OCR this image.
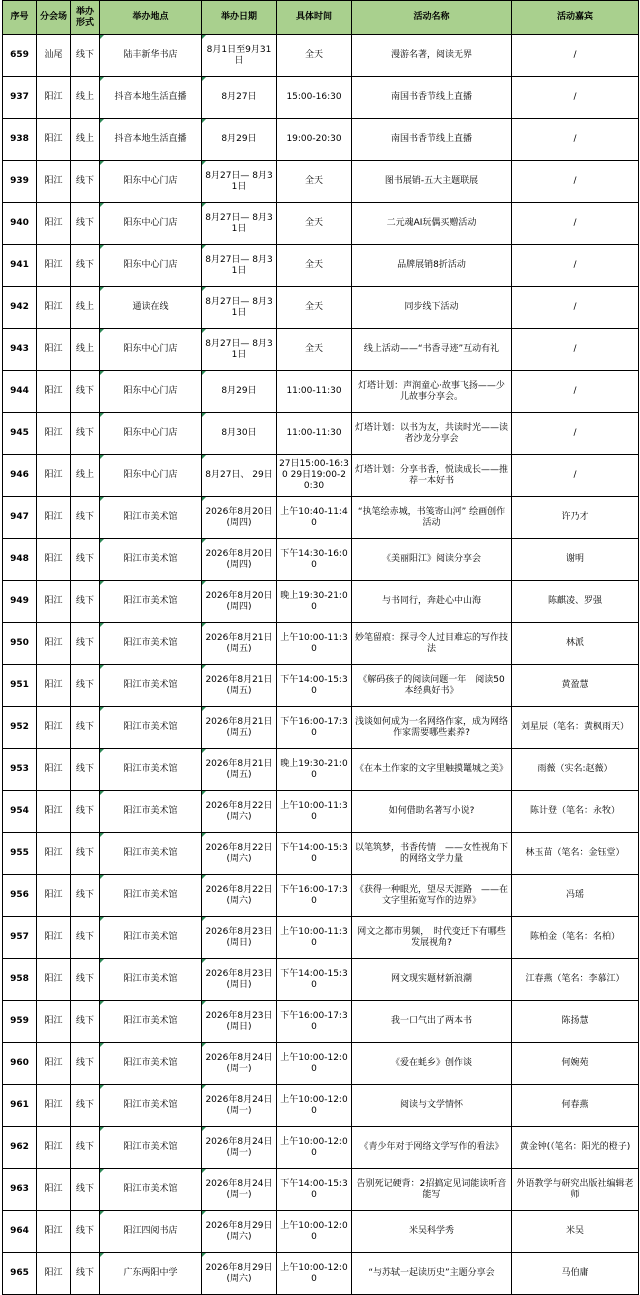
序号	分会场	举办形式	举办地点	举办日期	具体时间	活动名称	活动嘉宾
659	汕尾	线下	陆丰新华书店	8月1日至9月31日	全天	漫游名著，阅读无界	/
937	阳江	线上	抖音本地生活直播	8月27日	15:00-16:30	南国书香节线上直播	/
938	阳江	线上	抖音本地生活直播	8月29日	19:00-20:30	南国书香节线上直播	/
939	阳江	线下	阳东中心门店	8月27日— 8月31日	全天	图书展销-五大主题联展	/
940	阳江	线下	阳东中心门店	8月27日— 8月31日	全天	二元魂AI玩偶买赠活动	/
941	阳江	线下	阳东中心门店	8月27日— 8月31日	全天	品牌展销8折活动	/
942	阳江	线上	通读在线	8月27日— 8月31日	全天	同步线下活动	/
943	阳江	线上	阳东中心门店	8月27日— 8月31日	全天	线上活动——“书香寻迹”互动有礼	/
944	阳江	线下	阳东中心门店	8月29日	11:00-11:30	灯塔计划：声润童心·故事飞扬——少儿故事分享会。	/
945	阳江	线下	阳东中心门店	8月30日	11:00-11:30	灯塔计划：以书为友，共读时光——读者沙龙分享会	/
946	阳江	线上	阳东中心门店	8月27日、 29日	27日15:00-16:30 29日19:00-20:30	灯塔计划：分享书香，悦读成长——推荐一本好书	/
947	阳江	线下	阳江市美术馆	2026年8月20日(周四)	上午10:40-11:40	“执笔绘赤城，书笺寄山河” 绘画创作活动	许乃才
948	阳江	线下	阳江市美术馆	2026年8月20日(周四)	下午14:30-16:00	《美丽阳江》阅读分享会	谢明
949	阳江	线下	阳江市美术馆	2026年8月20日(周四)	晚上19:30-21:00	与书同行，奔赴心中山海	陈麒凌、罗强
950	阳江	线下	阳江市美术馆	2026年8月21日(周五)	上午10:00-11:30	妙笔留痕：探寻令人过目难忘的写作技法	林派
951	阳江	线下	阳江市美术馆	2026年8月21日(周五)	下午14:00-15:30	《解码孩子的阅读问题一年　阅读50本经典好书》	黄盈慧
952	阳江	线下	阳江市美术馆	2026年8月21日(周五)	下午16:00-17:30	浅谈如何成为一名网络作家，成为网络作家需要哪些素养?	刘星辰（笔名：黄枫雨天）
953	阳江	线下	阳江市美术馆	2026年8月21日(周五)	晚上19:30-21:00	《在本土作家的文字里触摸鼍城之美》	雨薇（实名:赵薇）
954	阳江	线下	阳江市美术馆	2026年8月22日(周六)	上午10:00-11:30	如何借助名著写小说?	陈计登（笔名：永牧）
955	阳江	线下	阳江市美术馆	2026年8月22日(周六)	下午14:00-15:30	以笔筑梦，书香传情　——女性视角下的网络文学力量	林玉苗（笔名：金钰堂）
956	阳江	线下	阳江市美术馆	2026年8月22日(周六)	下午16:00-17:30	《获得一种眼光，望尽天涯路　——在文字里拓宽写作的边界》	冯瑶
957	阳江	线下	阳江市美术馆	2026年8月23日(周日)	上午10:00-11:30	网文之都市男频，　时代变迁下有哪些发展视角?	陈柏金（笔名：名柏）
958	阳江	线下	阳江市美术馆	2026年8月23日(周日)	下午14:00-15:30	网文现实题材新浪潮	江春燕（笔名：李慕江）
959	阳江	线下	阳江市美术馆	2026年8月23日(周日)	下午16:00-17:30	我一口气出了两本书	陈扬慧
960	阳江	线下	阳江市美术馆	2026年8月24日(周一)	上午10:00-12:00	《爱在蚝乡》创作谈	何婉苑
961	阳江	线下	阳江市美术馆	2026年8月24日(周一)	上午10:00-12:00	阅读与文学情怀	何春燕
962	阳江	线下	阳江市美术馆	2026年8月24日(周一)	上午10:00-12:00	《青少年对于网络文学写作的看法》	黄金钟(（笔名：阳光的橙子)
963	阳江	线下	阳江市美术馆	2026年8月24日(周一)	下午14:00-15:30	告别死记硬背：2招搞定见词能读听音能写	外语教学与研究出版社编辑老师
964	阳江	线下	阳江四阅书店	2026年8月29日(周六)	上午10:00-12:00	米吴科学秀	米吴
965	阳江	线下	广东两阳中学	2026年8月29日(周六)	上午10:00-12:00	“与苏轼一起读历史”主题分享会	马伯庸
